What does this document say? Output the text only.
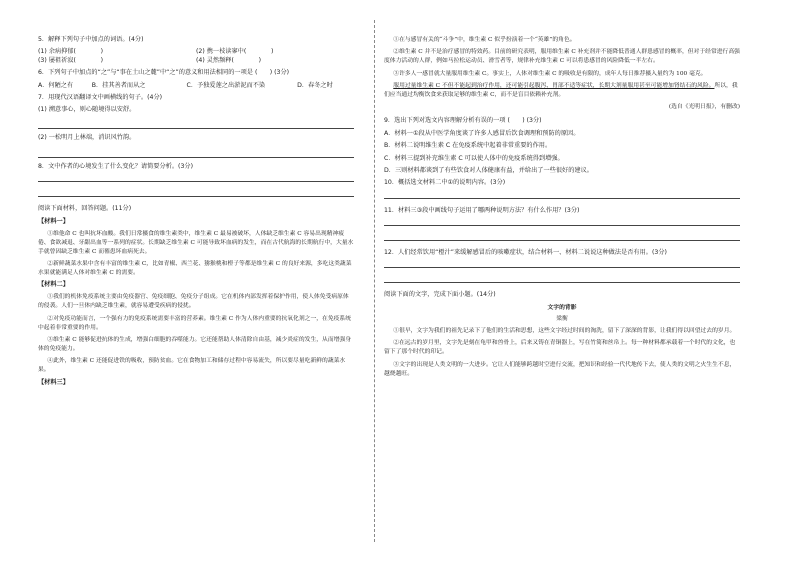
5．解释下列句子中加点的词语。(4分)

(1) 余病抑郁(　　　　)	(2) 携一枝读寥中(　　　　)
(3) 屡祖祈寂(　　　　)	(4) 灵然频释(　　　　)

6．下列句子中加点的“之”与“事在土山之麓”中“之”的意义和用法相同的一项是 (　　) (3分)

A．何陋之有	B．挂其善者而从之	C．予独爱莲之出淤泥而不染	D．春冬之时

7．用现代汉语翻译文中画横线的句子。(4分)

(1) 溯意事心，则心随境得以安舒。

(2) 一松明月上林端，消识风竹韵。

8．文中作者的心境发生了什么变化？请简要分析。(3分)

阅读下面材料，回答问题。(11分)

【材料一】

①维他命 C 也叫抗坏血酸。我们日常摄食的维生素类中，维生素 C 最易被破坏，人体缺乏维生素 C 容易出现精神疲倦、食欲减退、牙龈出血等一系列的症状。长期缺乏维生素 C 可能导致坏血病的发生，而在古代航海的长期航行中，大量水手就曾因缺乏维生素 C 而罹患坏血病死去。

②新鲜蔬菜水果中含有丰富的维生素 C，比如青椒、西兰花、猕猴桃和橙子等都是维生素 C 的良好来源，多吃这类蔬菜水果就能满足人体对维生素 C 的需要。

【材料二】

①我们的机体免疫系统主要由免疫器官、免疫细胞、免疫分子组成。它在机体内部发挥着保护作用，使人体免受病原体的侵袭。人们一旦体内缺乏维生素，就容易遭受疾病的侵扰。

②对免疫功能而言，一个强有力的免疫系统需要丰富的营养素。维生素 C 作为人体内重要的抗氧化剂之一，在免疫系统中起着非常重要的作用。

③维生素 C 能够促进抗体的生成，增强白细胞的吞噬能力。它还能帮助人体清除自由基，减少炎症的发生，从而增强身体的免疫能力。

④此外，维生素 C 还能促进铁的吸收，预防贫血。它在食物加工和储存过程中容易流失，所以要尽量吃新鲜的蔬菜水果。

【材料三】

①在与感冒有关的“斗争”中，维生素 C 似乎扮演着一个“英雄”的角色。

②维生素 C 并不是治疗感冒的特效药。目前的研究表明，服用维生素 C 补充剂并不能降低普通人群患感冒的概率，但对于经常进行高强度体力活动的人群，例如马拉松运动员、滑雪者等，规律补充维生素 C 可以将患感冒的风险降低一半左右。

③许多人一感冒就大量服用维生素 C。事实上，人体对维生素 C 的吸收是有限的，成年人每日推荐摄入量约为 100 毫克。

服用过量维生素 C 不但不能起到治疗作用，还可能引起腹泻、胃部不适等症状，长期大剂量服用甚至可能增加肾结石的风险。所以，我们应当通过均衡饮食来获取足够的维生素 C，而不是盲目依赖补充剂。

(选自《光明日报》，有删改)

9．选出下列对选文内容理解分析有误的一项 (　　) (3分)

A．材料一①段从中医学角度谈了许多人感冒后饮食调理和预防的原因。

B．材料二说明维生素 C 在免疫系统中起着非常重要的作用。

C．材料三提到补充维生素 C 可以使人体中的免疫系统得到增强。

D．三则材料都谈到了有些饮食对人体健康有益，并给出了一些很好的建议。

10．概括选文材料二中①的说明内容。(3分)

11．材料三③段中画线句子运用了哪两种说明方法？有什么作用？(3分)

12．人们经常饮用“橙汁”来缓解感冒后的咳嗽症状，结合材料一、材料二说说这种做法是否有用。(3分)

阅读下面的文字，完成下面小题。(14分)

文字的背影

梁衡

①很早，文字为我们的祖先记录下了他们的生活和思想，这些文字经过时间的淘洗，留下了深深的背影，让我们得以回望过去的岁月。

②在远古的岁月里，文字先是刻在龟甲和兽骨上，后来又铸在青铜器上，写在竹简和丝帛上。每一种材料都承载着一个时代的文化，也留下了那个时代的印记。

③文字的出现是人类文明的一大进步。它让人们能够跨越时空进行交流，把知识和经验一代代地传下去，使人类的文明之火生生不息，越烧越旺。
